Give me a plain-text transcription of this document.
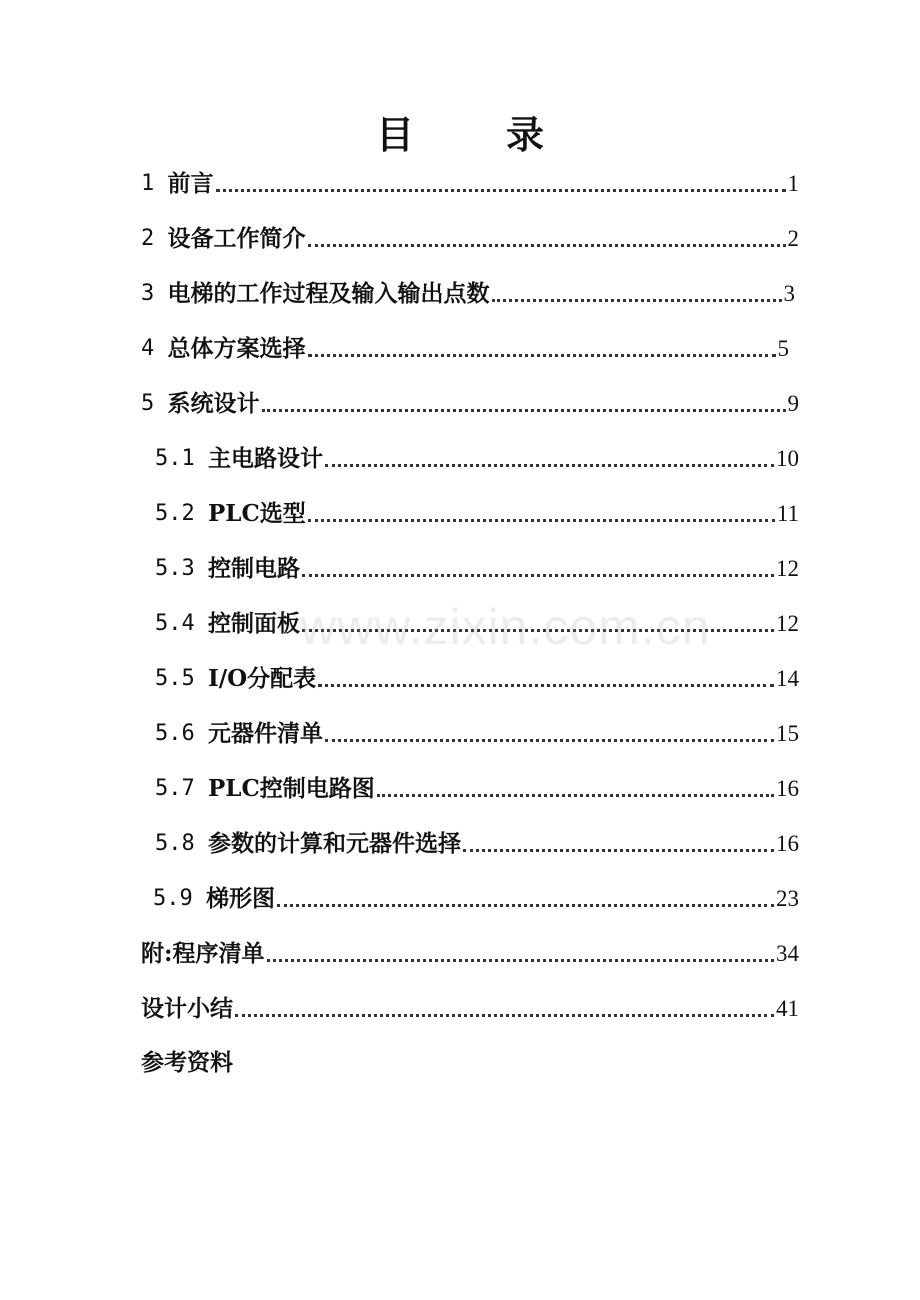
目 录
1 前言	1
2 设备工作简介	2
3 电梯的工作过程及输入输出点数	3
4 总体方案选择	5
5 系统设计	9
5.1 主电路设计	10
5.2 PLC选型	11
5.3 控制电路	12
5.4 控制面板	12
5.5 I/O分配表	14
5.6 元器件清单	15
5.7 PLC控制电路图	16
5.8 参数的计算和元器件选择	16
5.9 梯形图	23
附:程序清单	34
设计小结	41
参考资料
www.zixin.com.cn
